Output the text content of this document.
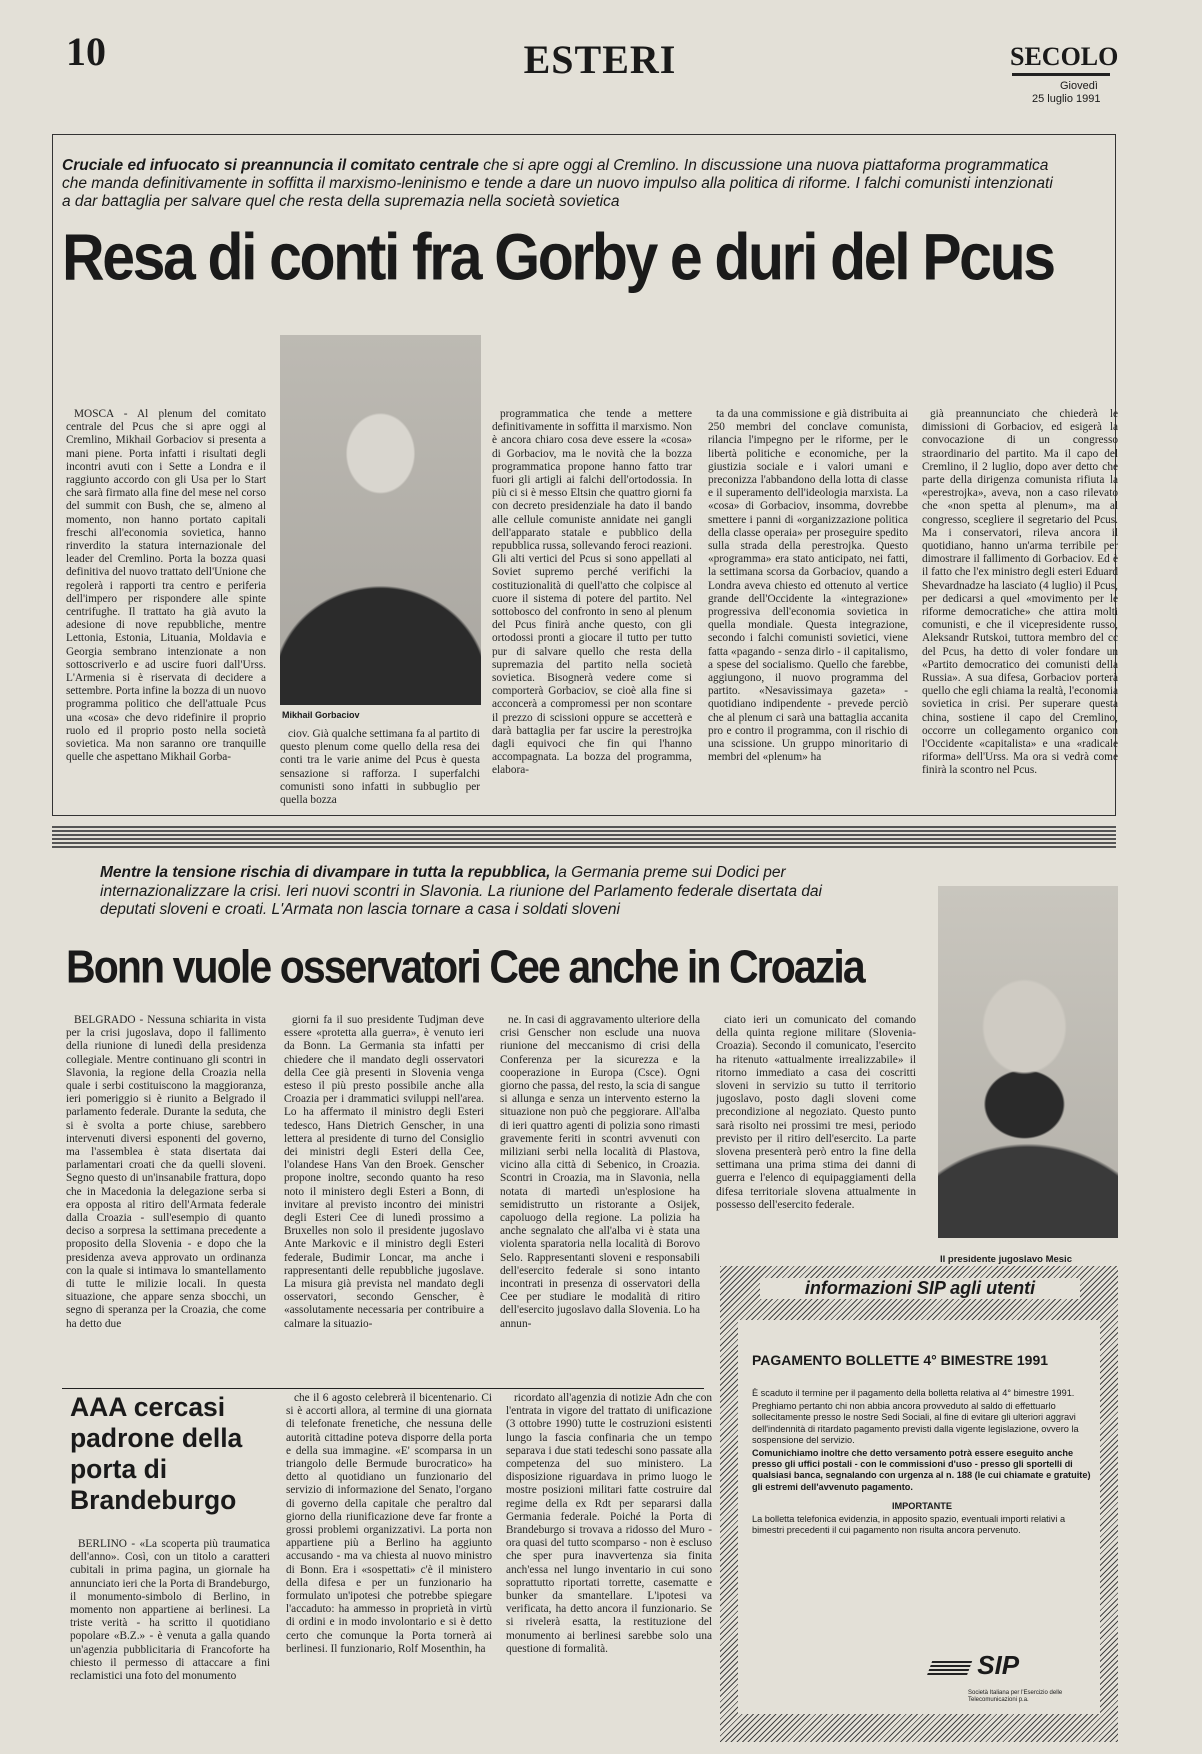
10	ESTERI	SECOLO
Giovedì
25 luglio 1991
Cruciale ed infuocato si preannuncia il comitato centrale che si apre oggi al Cremlino. In discussione una nuova piattaforma programmatica che manda definitivamente in soffitta il marxismo-leninismo e tende a dare un nuovo impulso alla politica di riforme. I falchi comunisti intenzionati a dar battaglia per salvare quel che resta della supremazia nella società sovietica
Resa di conti fra Gorby e duri del Pcus
Mikhail Gorbaciov

MOSCA - Al plenum del comitato centrale del Pcus che si apre oggi al Cremlino, Mikhail Gorbaciov si presenta a mani piene. Porta infatti i risultati degli incontri avuti con i Sette a Londra e il raggiunto accordo con gli Usa per lo Start che sarà firmato alla fine del mese nel corso del summit con Bush, che se, almeno al momento, non hanno portato capitali freschi all'economia sovietica, hanno rinverdito la statura internazionale del leader del Cremlino. Porta la bozza quasi definitiva del nuovo trattato dell'Unione che regolerà i rapporti tra centro e periferia dell'impero per rispondere alle spinte centrifughe. Il trattato ha già avuto la adesione di nove repubbliche, mentre Lettonia, Estonia, Lituania, Moldavia e Georgia sembrano intenzionate a non sottoscriverlo e ad uscire fuori dall'Urss. L'Armenia si è riservata di decidere a settembre. Porta infine la bozza di un nuovo programma politico che dell'attuale Pcus una «cosa» che devo ridefinire il proprio ruolo ed il proprio posto nella società sovietica. Ma non saranno ore tranquille quelle che aspettano Mikhail Gorba-

ciov. Già qualche settimana fa al partito di questo plenum come quello della resa dei conti tra le varie anime del Pcus è questa sensazione si rafforza. I superfalchi comunisti sono infatti in subbuglio per quella bozza

programmatica che tende a mettere definitivamente in soffitta il marxismo. Non è ancora chiaro cosa deve essere la «cosa» di Gorbaciov, ma le novità che la bozza programmatica propone hanno fatto trar fuori gli artigli ai falchi dell'ortodossia. In più ci si è messo Eltsin che quattro giorni fa con decreto presidenziale ha dato il bando alle cellule comuniste annidate nei gangli dell'apparato statale e pubblico della repubblica russa, sollevando feroci reazioni. Gli alti vertici del Pcus si sono appellati al Soviet supremo perché verifichi la costituzionalità di quell'atto che colpisce al cuore il sistema di potere del partito. Nel sottobosco del confronto in seno al plenum del Pcus finirà anche questo, con gli ortodossi pronti a giocare il tutto per tutto pur di salvare quello che resta della supremazia del partito nella società sovietica. Bisognerà vedere come si comporterà Gorbaciov, se cioè alla fine si acconcerà a compromessi per non scontare il prezzo di scissioni oppure se accetterà e darà battaglia per far uscire la perestrojka dagli equivoci che fin qui l'hanno accompagnata. La bozza del programma, elabora-

ta da una commissione e già distribuita ai 250 membri del conclave comunista, rilancia l'impegno per le riforme, per le libertà politiche e economiche, per la giustizia sociale e i valori umani e preconizza l'abbandono della lotta di classe e il superamento dell'ideologia marxista. La «cosa» di Gorbaciov, insomma, dovrebbe smettere i panni di «organizzazione politica della classe operaia» per proseguire spedito sulla strada della perestrojka. Questo «programma» era stato anticipato, nei fatti, la settimana scorsa da Gorbaciov, quando a Londra aveva chiesto ed ottenuto al vertice grande dell'Occidente la «integrazione» progressiva dell'economia sovietica in quella mondiale. Questa integrazione, secondo i falchi comunisti sovietici, viene fatta «pagando - senza dirlo - il capitalismo, a spese del socialismo. Quello che farebbe, aggiungono, il nuovo programma del partito. «Nesavissimaya gazeta» - quotidiano indipendente - prevede perciò che al plenum ci sarà una battaglia accanita pro e contro il programma, con il rischio di una scissione. Un gruppo minoritario di membri del «plenum» ha

già preannunciato che chiederà le dimissioni di Gorbaciov, ed esigerà la convocazione di un congresso straordinario del partito. Ma il capo del Cremlino, il 2 luglio, dopo aver detto che parte della dirigenza comunista rifiuta la «perestrojka», aveva, non a caso rilevato che «non spetta al plenum», ma al congresso, scegliere il segretario del Pcus. Ma i conservatori, rileva ancora il quotidiano, hanno un'arma terribile per dimostrare il fallimento di Gorbaciov. Ed è il fatto che l'ex ministro degli esteri Eduard Shevardnadze ha lasciato (4 luglio) il Pcus, per dedicarsi a quel «movimento per le riforme democratiche» che attira molti comunisti, e che il vicepresidente russo, Aleksandr Rutskoi, tuttora membro del cc del Pcus, ha detto di voler fondare un «Partito democratico dei comunisti della Russia». A sua difesa, Gorbaciov porterà quello che egli chiama la realtà, l'economia sovietica in crisi. Per superare questa china, sostiene il capo del Cremlino, occorre un collegamento organico con l'Occidente «capitalista» e una «radicale riforma» dell'Urss. Ma ora si vedrà come finirà la scontro nel Pcus.

Mentre la tensione rischia di divampare in tutta la repubblica, la Germania preme sui Dodici per internazionalizzare la crisi. Ieri nuovi scontri in Slavonia. La riunione del Parlamento federale disertata dai deputati sloveni e croati. L'Armata non lascia tornare a casa i soldati sloveni
Bonn vuole osservatori Cee anche in Croazia
Il presidente jugoslavo Mesic

BELGRADO - Nessuna schiarita in vista per la crisi jugoslava, dopo il fallimento della riunione di lunedì della presidenza collegiale. Mentre continuano gli scontri in Slavonia, la regione della Croazia nella quale i serbi costituiscono la maggioranza, ieri pomeriggio si è riunito a Belgrado il parlamento federale. Durante la seduta, che si è svolta a porte chiuse, sarebbero intervenuti diversi esponenti del governo, ma l'assemblea è stata disertata dai parlamentari croati che da quelli sloveni. Segno questo di un'insanabile frattura, dopo che in Macedonia la delegazione serba si era opposta al ritiro dell'Armata federale dalla Croazia - sull'esempio di quanto deciso a sorpresa la settimana precedente a proposito della Slovenia - e dopo che la presidenza aveva approvato un ordinanza con la quale si intimava lo smantellamento di tutte le milizie locali. In questa situazione, che appare senza sbocchi, un segno di speranza per la Croazia, che come ha detto due

giorni fa il suo presidente Tudjman deve essere «protetta alla guerra», è venuto ieri da Bonn. La Germania sta infatti per chiedere che il mandato degli osservatori della Cee già presenti in Slovenia venga esteso il più presto possibile anche alla Croazia per i drammatici sviluppi nell'area. Lo ha affermato il ministro degli Esteri tedesco, Hans Dietrich Genscher, in una lettera al presidente di turno del Consiglio dei ministri degli Esteri della Cee, l'olandese Hans Van den Broek. Genscher propone inoltre, secondo quanto ha reso noto il ministero degli Esteri a Bonn, di invitare al previsto incontro dei ministri degli Esteri Cee di lunedì prossimo a Bruxelles non solo il presidente jugoslavo Ante Markovic e il ministro degli Esteri federale, Budimir Loncar, ma anche i rappresentanti delle repubbliche jugoslave. La misura già prevista nel mandato degli osservatori, secondo Genscher, è «assolutamente necessaria per contribuire a calmare la situazio-

ne. In casi di aggravamento ulteriore della crisi Genscher non esclude una nuova riunione del meccanismo di crisi della Conferenza per la sicurezza e la cooperazione in Europa (Csce). Ogni giorno che passa, del resto, la scia di sangue si allunga e senza un intervento esterno la situazione non può che peggiorare. All'alba di ieri quattro agenti di polizia sono rimasti gravemente feriti in scontri avvenuti con miliziani serbi nella località di Plastova, vicino alla città di Sebenico, in Croazia. Scontri in Croazia, ma in Slavonia, nella notata di martedì un'esplosione ha semidistrutto un ristorante a Osijek, capoluogo della regione. La polizia ha anche segnalato che all'alba vi è stata una violenta sparatoria nella località di Borovo Selo. Rappresentanti sloveni e responsabili dell'esercito federale si sono intanto incontrati in presenza di osservatori della Cee per studiare le modalità di ritiro dell'esercito jugoslavo dalla Slovenia. Lo ha annun-

ciato ieri un comunicato del comando della quinta regione militare (Slovenia-Croazia). Secondo il comunicato, l'esercito ha ritenuto «attualmente irrealizzabile» il ritorno immediato a casa dei coscritti sloveni in servizio su tutto il territorio jugoslavo, posto dagli sloveni come precondizione al negoziato. Questo punto sarà risolto nei prossimi tre mesi, periodo previsto per il ritiro dell'esercito. La parte slovena presenterà però entro la fine della settimana una prima stima dei danni di guerra e l'elenco di equipaggiamenti della difesa territoriale slovena attualmente in possesso dell'esercito federale.

informazioni SIP agli utenti
PAGAMENTO BOLLETTE 4° BIMESTRE 1991
È scaduto il termine per il pagamento della bolletta relativa al 4° bimestre 1991.
Preghiamo pertanto chi non abbia ancora provveduto al saldo di effettuarlo sollecitamente presso le nostre Sedi Sociali, al fine di evitare gli ulteriori aggravi dell'indennità di ritardato pagamento previsti dalla vigente legislazione, ovvero la sospensione del servizio.
Comunichiamo inoltre che detto versamento potrà essere eseguito anche presso gli uffici postali - con le commissioni d'uso - presso gli sportelli di qualsiasi banca, segnalando con urgenza al n. 188 (le cui chiamate e gratuite) gli estremi dell'avvenuto pagamento.
IMPORTANTE
La bolletta telefonica evidenzia, in apposito spazio, eventuali importi relativi a bimestri precedenti il cui pagamento non risulta ancora pervenuto.
SIP
Società Italiana per l'Esercizio delle Telecomunicazioni p.a.
AAA cercasi padrone della porta di Brandeburgo

BERLINO - «La scoperta più traumatica dell'anno». Così, con un titolo a caratteri cubitali in prima pagina, un giornale ha annunciato ieri che la Porta di Brandeburgo, il monumento-simbolo di Berlino, in momento non appartiene ai berlinesi. La triste verità - ha scritto il quotidiano popolare «B.Z.» - è venuta a galla quando un'agenzia pubblicitaria di Francoforte ha chiesto il permesso di attaccare a fini reclamistici una foto del monumento

che il 6 agosto celebrerà il bicentenario. Ci si è accorti allora, al termine di una giornata di telefonate frenetiche, che nessuna delle autorità cittadine poteva disporre della porta e della sua immagine. «E' scomparsa in un triangolo delle Bermude burocratico» ha detto al quotidiano un funzionario del servizio di informazione del Senato, l'organo di governo della capitale che peraltro dal giorno della riunificazione deve far fronte a grossi problemi organizzativi. La porta non appartiene più a Berlino ha aggiunto accusando - ma va chiesta al nuovo ministro di Bonn. Era i «sospettati» c'è il ministero della difesa e per un funzionario ha formulato un'ipotesi che potrebbe spiegare l'accaduto: ha ammesso in proprietà in virtù di ordini e in modo involontario e si è detto certo che comunque la Porta tornerà ai berlinesi. Il funzionario, Rolf Mosenthin, ha

ricordato all'agenzia di notizie Adn che con l'entrata in vigore del trattato di unificazione (3 ottobre 1990) tutte le costruzioni esistenti lungo la fascia confinaria che un tempo separava i due stati tedeschi sono passate alla competenza del suo ministero. La disposizione riguardava in primo luogo le mostre posizioni militari fatte costruire dal regime della ex Rdt per separarsi dalla Germania federale. Poiché la Porta di Brandeburgo si trovava a ridosso del Muro - ora quasi del tutto scomparso - non è escluso che sper pura inavvertenza sia finita anch'essa nel lungo inventario in cui sono soprattutto riportati torrette, casematte e bunker da smantellare. L'ipotesi va verificata, ha detto ancora il funzionario. Se si rivelerà esatta, la restituzione del monumento ai berlinesi sarebbe solo una questione di formalità.
